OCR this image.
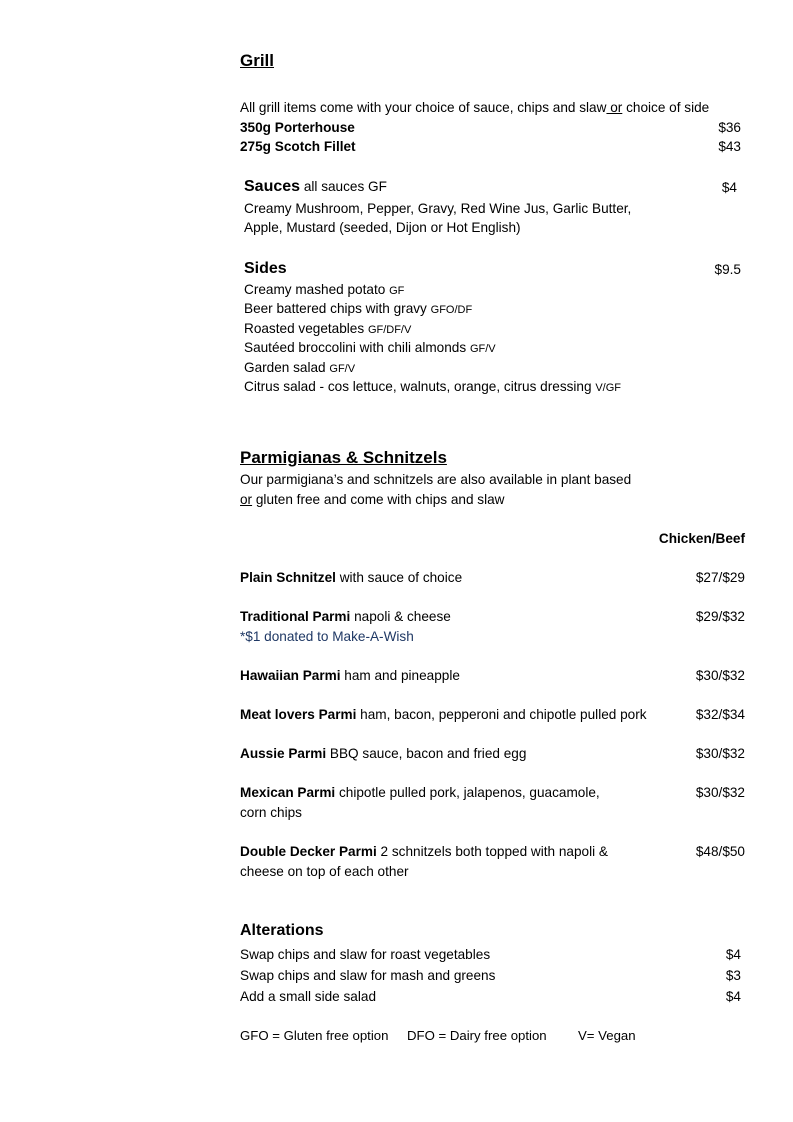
Grill
All grill items come with your choice of sauce, chips and slaw or choice of side
350g Porterhouse	$36
275g Scotch Fillet	$43
Sauces all sauces GF	$4
Creamy Mushroom, Pepper, Gravy, Red Wine Jus, Garlic Butter,
Apple, Mustard (seeded, Dijon or Hot English)
Sides	$9.5
Creamy mashed potato GF
Beer battered chips with gravy GFO/DF
Roasted vegetables GF/DF/V
Sautéed broccolini with chili almonds GF/V
Garden salad GF/V
Citrus salad - cos lettuce, walnuts, orange, citrus dressing V/GF
Parmigianas & Schnitzels
Our parmigiana’s and schnitzels are also available in plant based
or gluten free and come with chips and slaw
Chicken/Beef
Plain Schnitzel with sauce of choice	$27/$29
Traditional Parmi napoli & cheese	$29/$32
*$1 donated to Make-A-Wish
Hawaiian Parmi ham and pineapple	$30/$32
Meat lovers Parmi ham, bacon, pepperoni and chipotle pulled pork	$32/$34
Aussie Parmi BBQ sauce, bacon and fried egg	$30/$32
Mexican Parmi chipotle pulled pork, jalapenos, guacamole,
corn chips
$30/$32
Double Decker Parmi 2 schnitzels both topped with napoli &
cheese on top of each other
$48/$50
Alterations
Swap chips and slaw for roast vegetables	$4
Swap chips and slaw for mash and greens	$3
Add a small side salad	$4
GFO = Gluten free option DFO = Dairy free option V= Vegan
